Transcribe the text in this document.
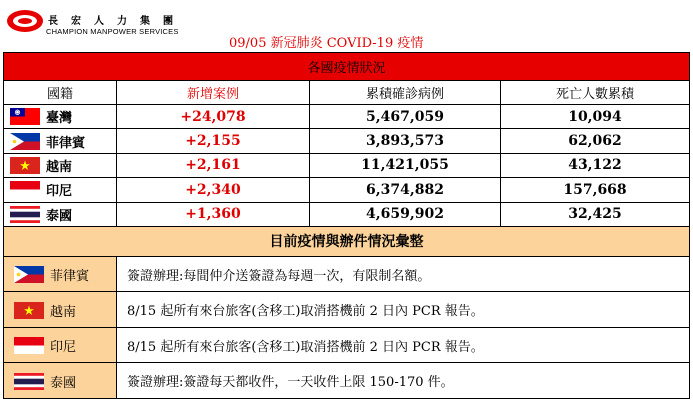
長宏人力集團
CHAMPION MANPOWER SERVICES
09/05 新冠肺炎 COVID-19 疫情
各國疫情狀況			
國籍	新增案例	累積確診病例	死亡人數累積
臺灣	+24,078	5,467,059	10,094
菲律賓	+2,155	3,893,573	62,062
越南	+2,161	11,421,055	43,122
印尼	+2,340	6,374,882	157,668
泰國	+1,360	4,659,902	32,425
目前疫情與辦件情況彙整			
菲律賓	簽證辦理:每間仲介送簽證為每週一次，有限制名額。		
越南	8/15 起所有來台旅客(含移工)取消搭機前 2 日內 PCR 報告。		
印尼	8/15 起所有來台旅客(含移工)取消搭機前 2 日內 PCR 報告。		
泰國	簽證辦理:簽證每天都收件，一天收件上限 150-170 件。		
